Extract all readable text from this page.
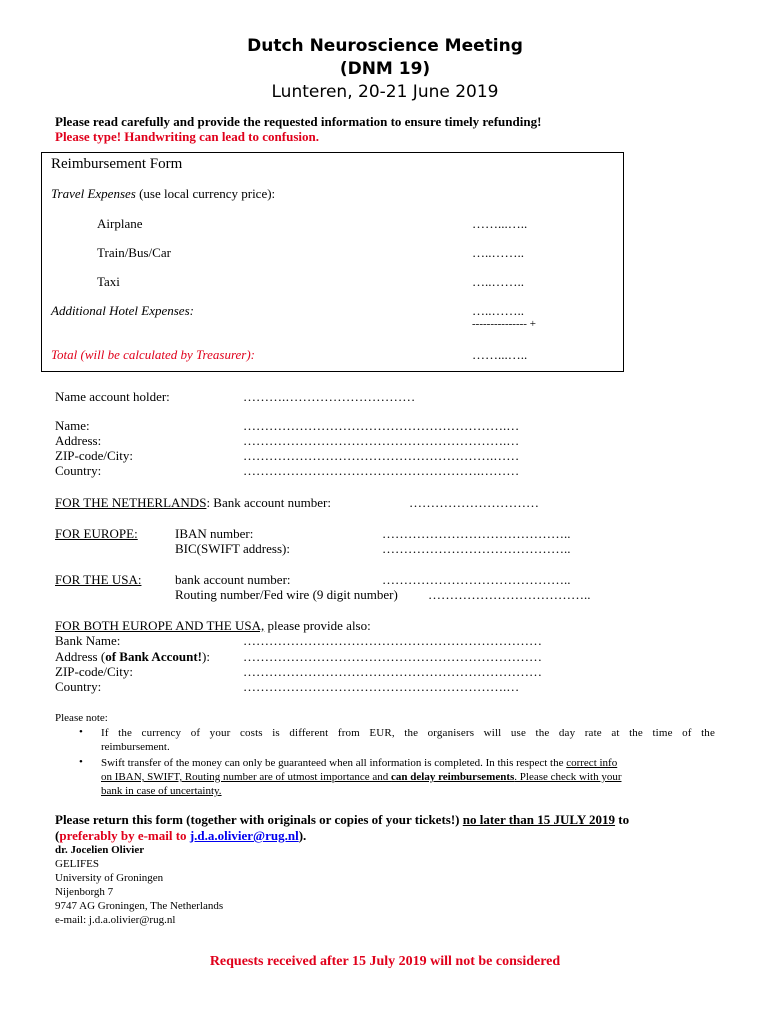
Dutch Neuroscience Meeting
(DNM 19)
Lunteren, 20-21 June 2019
Please read carefully and provide the requested information to ensure timely refunding!
Please type! Handwriting can lead to confusion.
Reimbursement Form
Travel Expenses (use local currency price):
Airplane	……...…..
Train/Bus/Car	…..……..
Taxi	…..……..
Additional Hotel Expenses:	…..……..
--------------- +
Total (will be calculated by Treasurer):	……...…..
Name account holder:	……….…………………………
Name:	…………………………………………………….…
Address:	…………………………………………………….…
ZIP-code/City:	………………………………………………….……
Country:	……………………………………………….………
FOR THE NETHERLANDS: Bank account number:	…………………………
FOR EUROPE:	IBAN number:	……………………………………..
BIC(SWIFT address):	……………………………………..
FOR THE USA:	bank account number:	……………………………………..
Routing number/Fed wire (9 digit number) ………………………………..
FOR BOTH EUROPE AND THE USA, please provide also:
Bank Name:	……………………………………………………………
Address (of Bank Account!):	……………………………………………………………
ZIP-code/City:	……………………………………………………………
Country:	…………………………………………………….…
Please note:
• If the currency of your costs is different from EUR, the organisers will use the day rate at the time of the
reimbursement.
• Swift transfer of the money can only be guaranteed when all information is completed. In this respect the correct info
on IBAN, SWIFT, Routing number are of utmost importance and can delay reimbursements. Please check with your
bank in case of uncertainty.
Please return this form (together with originals or copies of your tickets!) no later than 15 JULY 2019 to
(preferably by e-mail to j.d.a.olivier@rug.nl).
dr. Jocelien Olivier
GELIFES
University of Groningen
Nijenborgh 7
9747 AG Groningen, The Netherlands
e-mail: j.d.a.olivier@rug.nl
Requests received after 15 July 2019 will not be considered
